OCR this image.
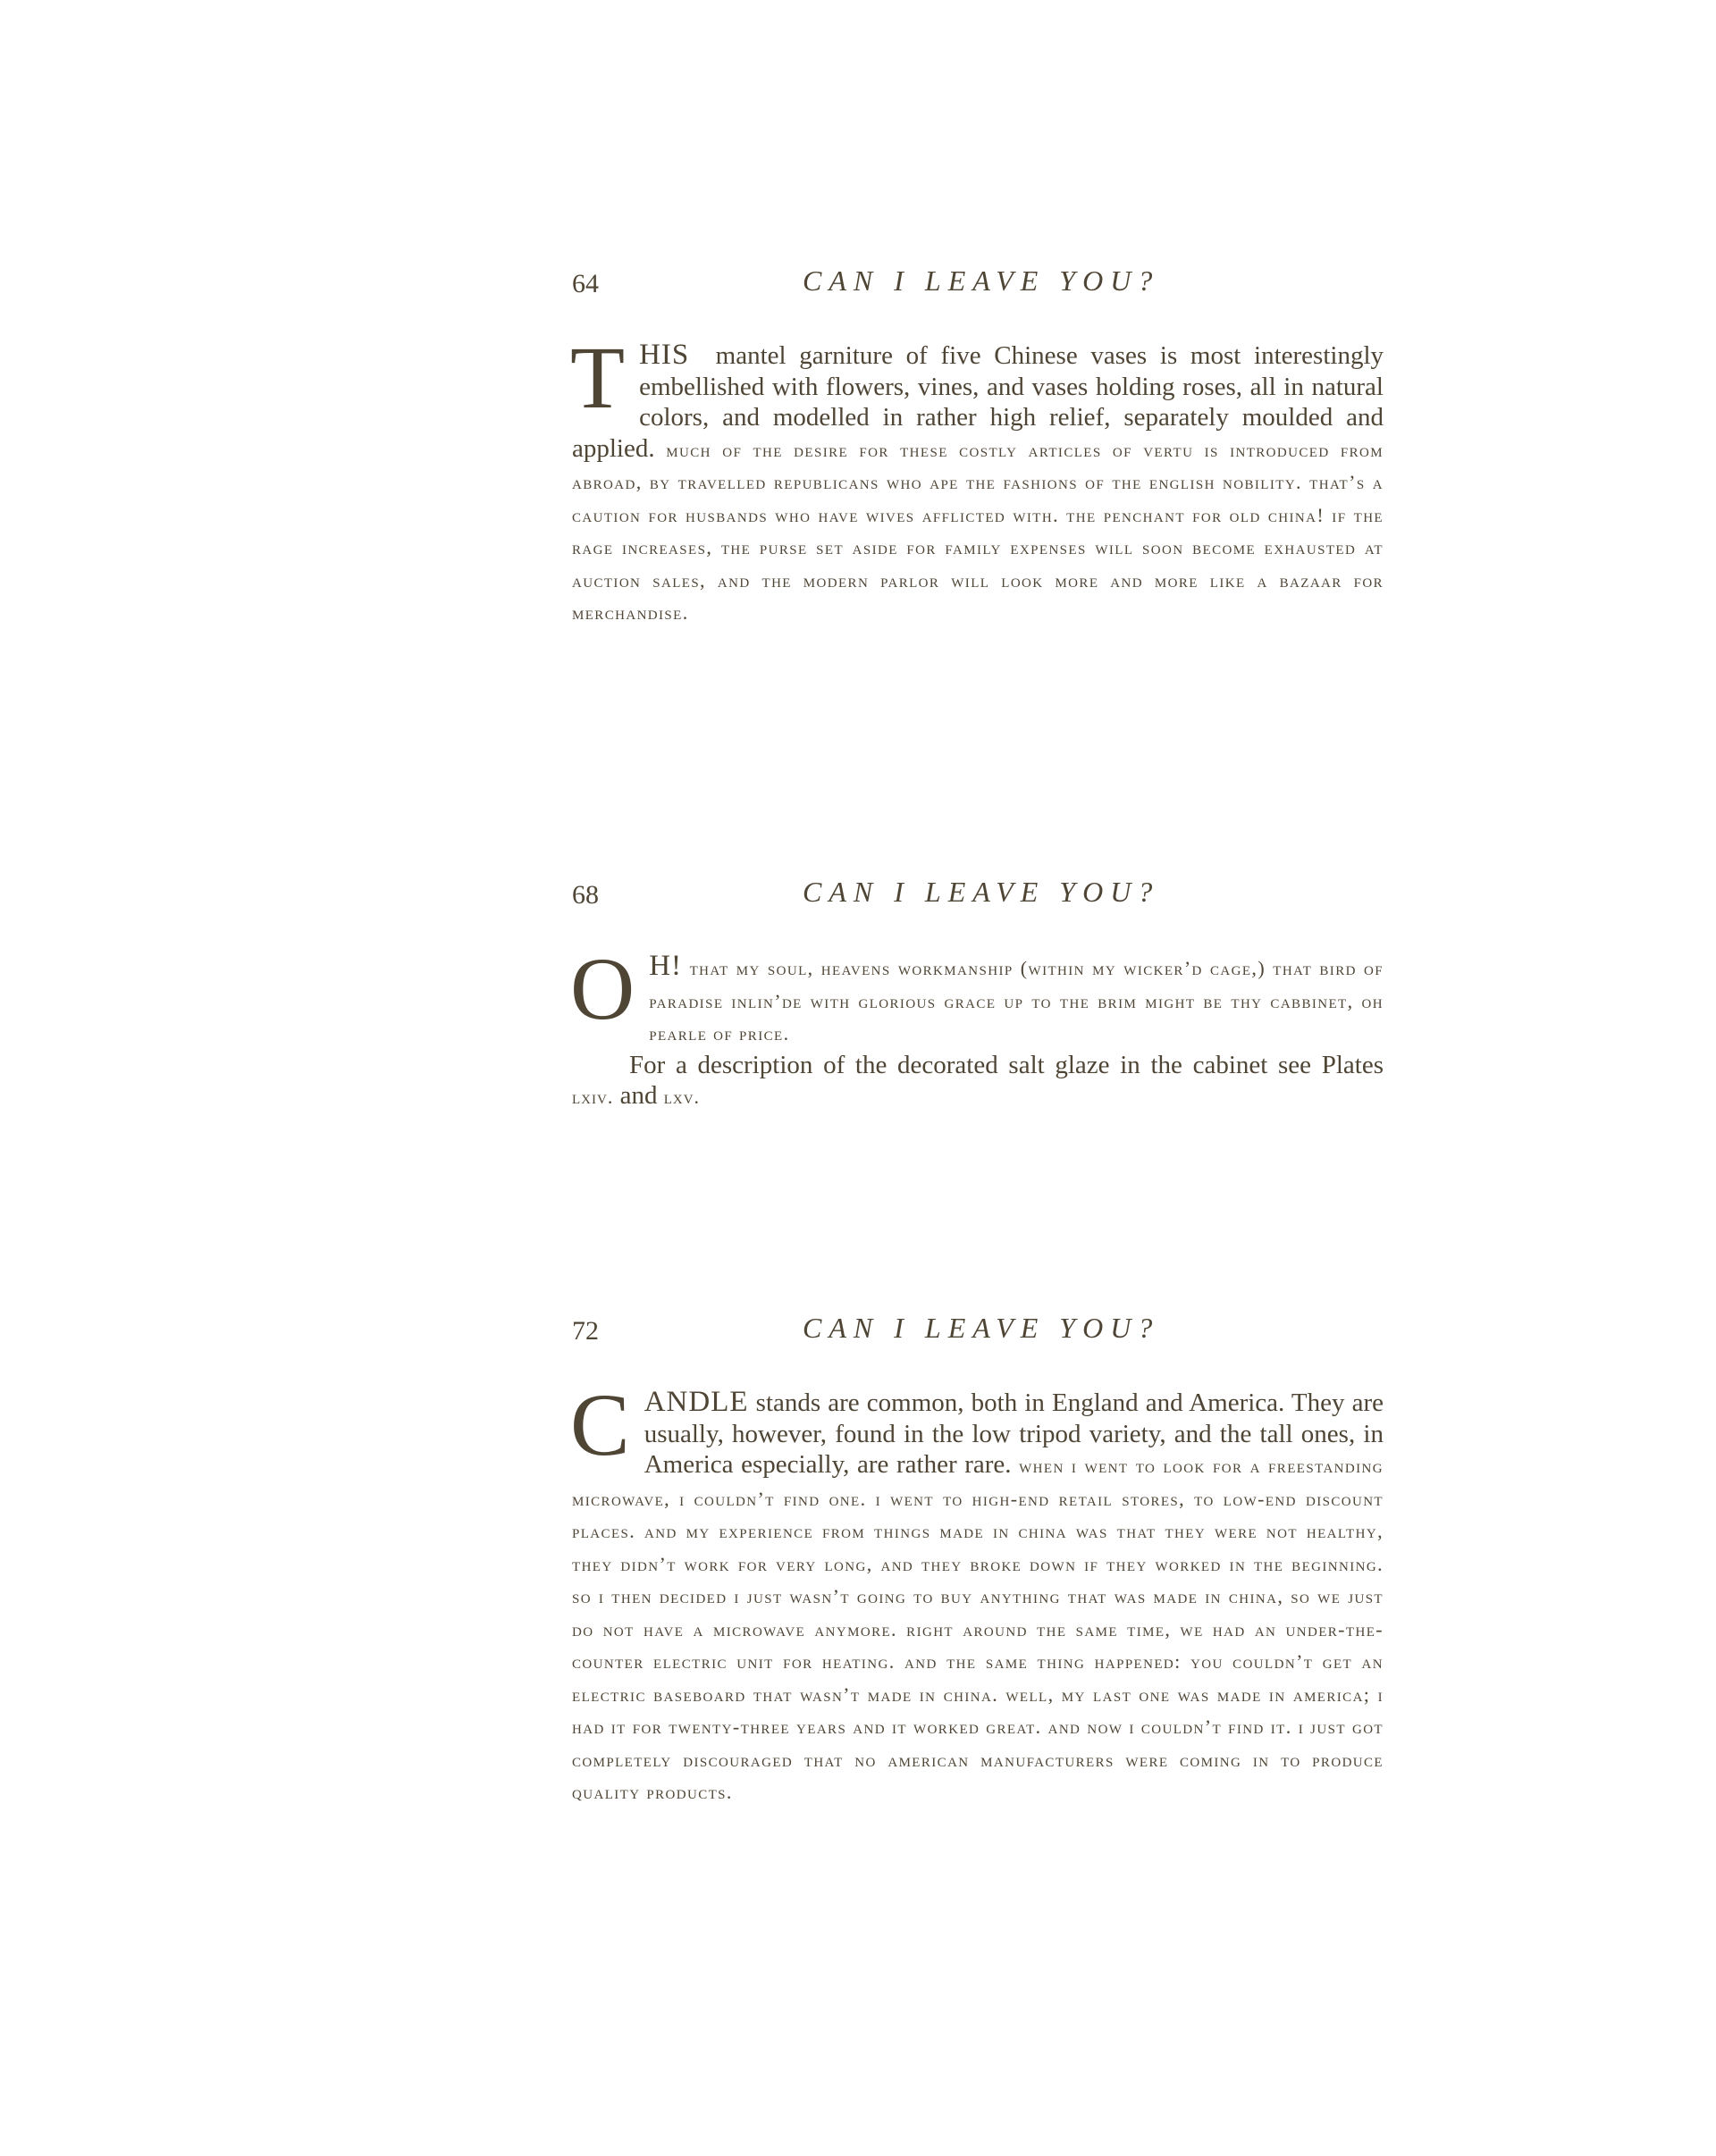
64	CAN I LEAVE YOU?

THIS mantel garniture of five Chinese vases is most interestingly embellished with flowers, vines, and vases holding roses, all in natural colors, and modelled in rather high relief, separately moulded and applied. much of the desire for these costly articles of vertu is introduced from abroad, by travelled republicans who ape the fashions of the english nobility. that’s a caution for husbands who have wives afflicted with. the penchant for old china! if the rage increases, the purse set aside for family expenses will soon become exhausted at auction sales, and the modern parlor will look more and more like a bazaar for merchandise.

68	CAN I LEAVE YOU?

O H! that my soul, heavens workmanship (within my wicker’d cage,) that bird of paradise inlin’de with glorious grace up to the brim might be thy cabbinet, oh pearle of price.
For a description of the decorated salt glaze in the cabinet see Plates lxiv. and lxv.

72	CAN I LEAVE YOU?

CANDLE stands are common, both in England and America. They are usually, however, found in the low tripod variety, and the tall ones, in America especially, are rather rare. when i went to look for a freestanding microwave, i couldn’t find one. i went to high-end retail stores, to low-end discount places. and my experience from things made in china was that they were not healthy, they didn’t work for very long, and they broke down if they worked in the beginning. so i then decided i just wasn’t going to buy anything that was made in china, so we just do not have a microwave anymore. right around the same time, we had an under-the-counter electric unit for heating. and the same thing happened: you couldn’t get an electric baseboard that wasn’t made in china. well, my last one was made in america; i had it for twenty-three years and it worked great. and now i couldn’t find it. i just got completely discouraged that no american manufacturers were coming in to produce quality products.
